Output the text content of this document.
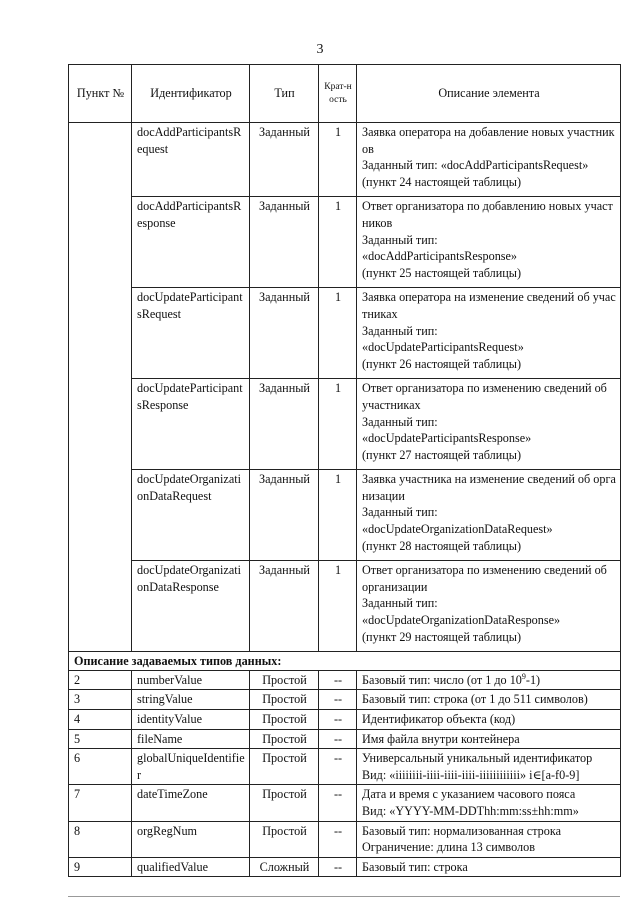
3
Пункт №	Идентификатор	Тип	Крат-ность	Описание элемента
	docAddParticipantsRequest	Заданный	1	Заявка оператора на добавление новых участников
Заданный тип: «docAddParticipantsRequest»
(пункт 24 настоящей таблицы)

	docAddParticipantsResponse	Заданный	1	Ответ организатора по добавлению новых участников
Заданный тип:
«docAddParticipantsResponse»
(пункт 25 настоящей таблицы)

	docUpdateParticipantsRequest	Заданный	1	Заявка оператора на изменение сведений об участниках
Заданный тип:
«docUpdateParticipantsRequest»
(пункт 26 настоящей таблицы)

	docUpdateParticipantsResponse	Заданный	1	Ответ организатора по изменению сведений об участниках
Заданный тип:
«docUpdateParticipantsResponse»
(пункт 27 настоящей таблицы)

	docUpdateOrganizationDataRequest	Заданный	1	Заявка участника на изменение сведений об организации
Заданный тип:
«docUpdateOrganizationDataRequest»
(пункт 28 настоящей таблицы)

	docUpdateOrganizationDataResponse	Заданный	1	Ответ организатора по изменению сведений об организации
Заданный тип:
«docUpdateOrganizationDataResponse»
(пункт 29 настоящей таблицы)

Описание задаваемых типов данных:				
2	numberValue	Простой	--	Базовый тип: число (от 1 до $10^9-1$)

3	stringValue	Простой	--	Базовый тип: строка (от 1 до 511 символов)

4	identityValue	Простой	--	Идентификатор объекта (код)

5	fileName	Простой	--	Имя файла внутри контейнера

6	globalUniqueIdentifier	Простой	--	Универсальный уникальный идентификатор
Вид: «iiiiiiii-iiii-iiii-iiii-iiiiiiiiiiii» i∈[a-f0-9]

7	dateTimeZone	Простой	--	Дата и время с указанием часового пояса
Вид: «YYYY-MM-DDThh:mm:ss±hh:mm»

8	orgRegNum	Простой	--	Базовый тип: нормализованная строка
Ограничение: длина 13 символов

9	qualifiedValue	Сложный	--	Базовый тип: строка
